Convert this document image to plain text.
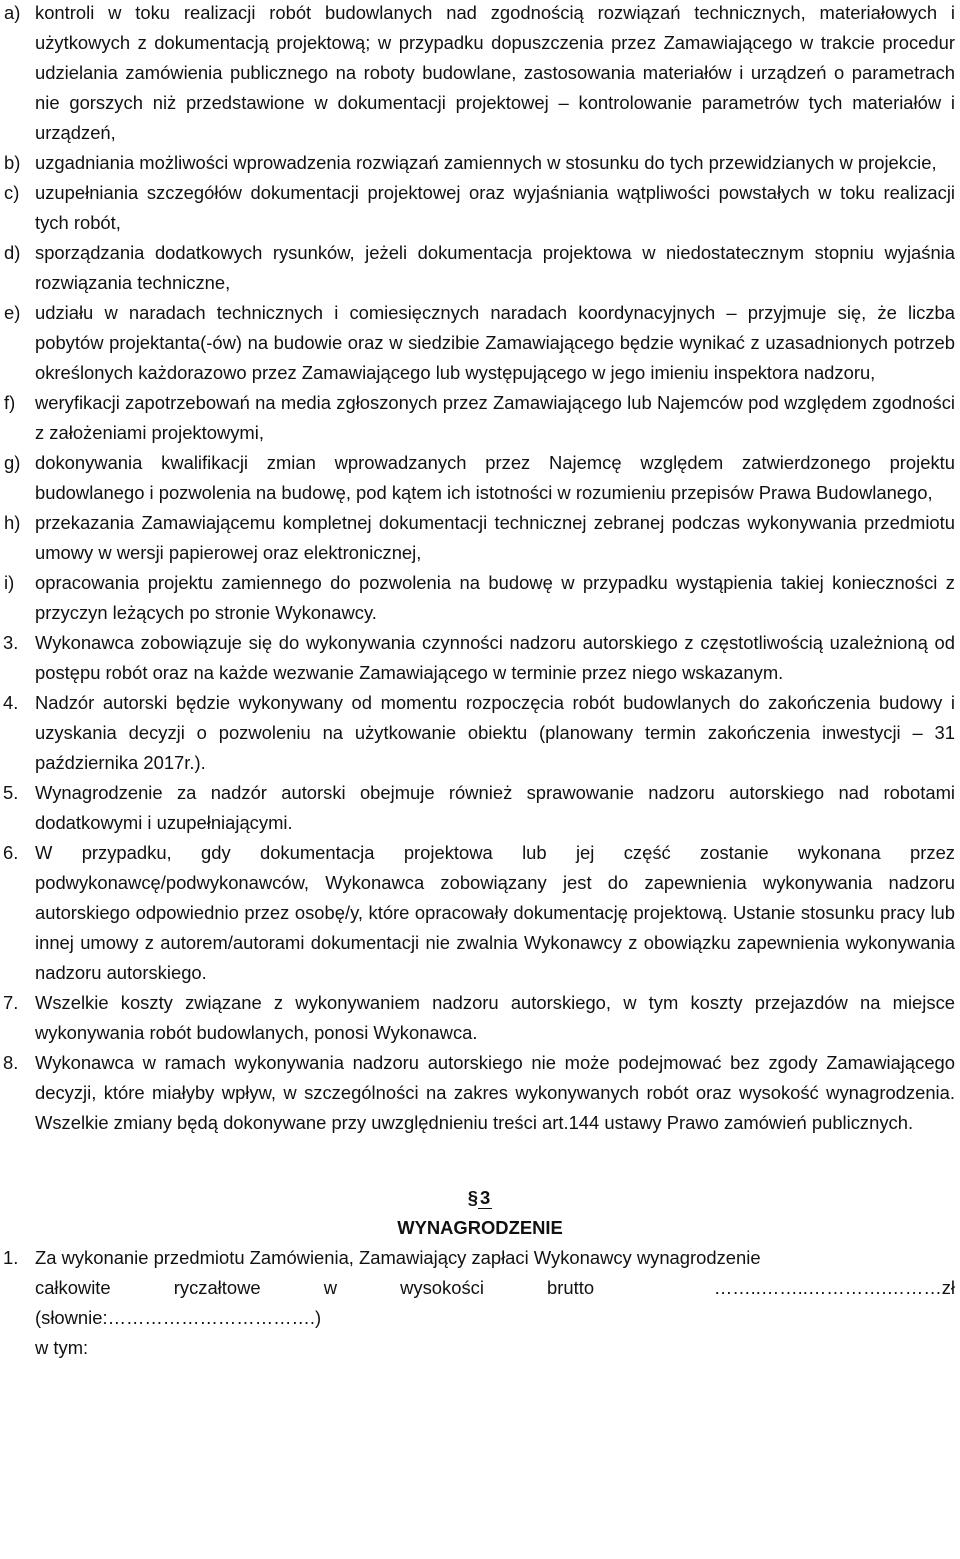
a) kontroli w toku realizacji robót budowlanych nad zgodnością rozwiązań technicznych, materiałowych i użytkowych z dokumentacją projektową; w przypadku dopuszczenia przez Zamawiającego w trakcie procedur udzielania zamówienia publicznego na roboty budowlane, zastosowania materiałów i urządzeń o parametrach nie gorszych niż przedstawione w dokumentacji projektowej – kontrolowanie parametrów tych materiałów i urządzeń,
b) uzgadniania możliwości wprowadzenia rozwiązań zamiennych w stosunku do tych przewidzianych w projekcie,
c) uzupełniania szczegółów dokumentacji projektowej oraz wyjaśniania wątpliwości powstałych w toku realizacji tych robót,
d) sporządzania dodatkowych rysunków, jeżeli dokumentacja projektowa w niedostatecznym stopniu wyjaśnia rozwiązania techniczne,
e) udziału w naradach technicznych i comiesięcznych naradach koordynacyjnych – przyjmuje się, że liczba pobytów projektanta(-ów) na budowie oraz w siedzibie Zamawiającego będzie wynikać z uzasadnionych potrzeb określonych każdorazowo przez Zamawiającego lub występującego w jego imieniu inspektora nadzoru,
f)	weryfikacji zapotrzebowań na media zgłoszonych przez Zamawiającego lub Najemców pod względem zgodności z założeniami projektowymi,
g) dokonywania kwalifikacji zmian wprowadzanych przez Najemcę względem zatwierdzonego projektu budowlanego i pozwolenia na budowę, pod kątem ich istotności w rozumieniu przepisów Prawa Budowlanego,
h) przekazania Zamawiającemu kompletnej dokumentacji technicznej zebranej podczas wykonywania przedmiotu umowy w wersji papierowej oraz elektronicznej,
i)	opracowania projektu zamiennego do pozwolenia na budowę w przypadku wystąpienia takiej konieczności z przyczyn leżących po stronie Wykonawcy.
3. Wykonawca zobowiązuje się do wykonywania czynności nadzoru autorskiego z częstotliwością uzależnioną od postępu robót oraz na każde wezwanie Zamawiającego w terminie przez niego wskazanym.
4. Nadzór autorski będzie wykonywany od momentu rozpoczęcia robót budowlanych do zakończenia budowy i uzyskania decyzji o pozwoleniu na użytkowanie obiektu (planowany termin zakończenia inwestycji – 31 października 2017r.).
5. Wynagrodzenie za nadzór autorski obejmuje również sprawowanie nadzoru autorskiego nad robotami dodatkowymi i uzupełniającymi.
6. W przypadku, gdy dokumentacja projektowa lub jej część zostanie wykonana przez podwykonawcę/podwykonawców, Wykonawca zobowiązany jest do zapewnienia wykonywania nadzoru autorskiego odpowiednio przez osobę/y, które opracowały dokumentację projektową. Ustanie stosunku pracy lub innej umowy z autorem/autorami dokumentacji nie zwalnia Wykonawcy z obowiązku zapewnienia wykonywania nadzoru autorskiego.
7. Wszelkie koszty związane z wykonywaniem nadzoru autorskiego, w tym koszty przejazdów na miejsce wykonywania robót budowlanych, ponosi Wykonawca.
8. Wykonawca w ramach wykonywania nadzoru autorskiego nie może podejmować bez zgody Zamawiającego decyzji, które miałyby wpływ, w szczególności na zakres wykonywanych robót oraz wysokość wynagrodzenia. Wszelkie zmiany będą dokonywane przy uwzględnieniu treści art.144 ustawy Prawo zamówień publicznych.
§ 3
WYNAGRODZENIE
1. Za wykonanie przedmiotu Zamówienia, Zamawiający zapłaci Wykonawcy wynagrodzenie
całkowite ryczałtowe w wysokości brutto	……..……..………….………zł
(słownie:…………………………….)
w tym:
